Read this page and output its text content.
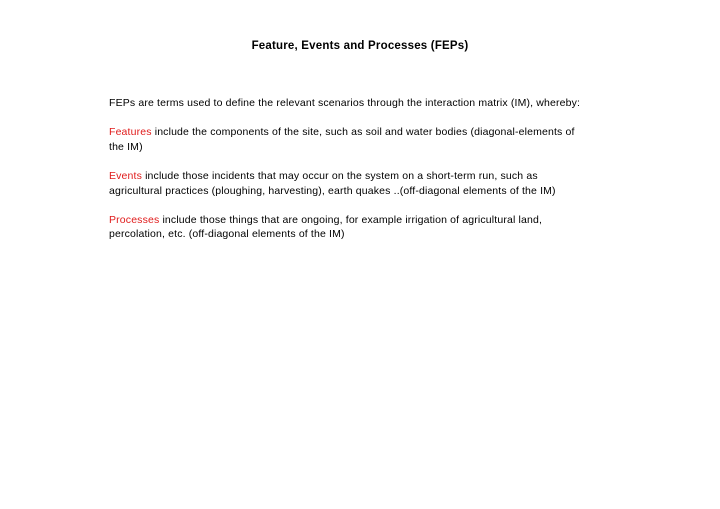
Feature, Events and Processes (FEPs)

FEPs are terms used to define the relevant scenarios through the interaction matrix (IM), whereby:

Features include the components of the site, such as soil and water bodies (diagonal-elements of the IM)

Events include those incidents that may occur on the system on a short-term run, such as agricultural practices (ploughing, harvesting), earth quakes ..(off-diagonal elements of the IM)

Processes include those things that are ongoing, for example irrigation of agricultural land, percolation, etc. (off-diagonal elements of the IM)
